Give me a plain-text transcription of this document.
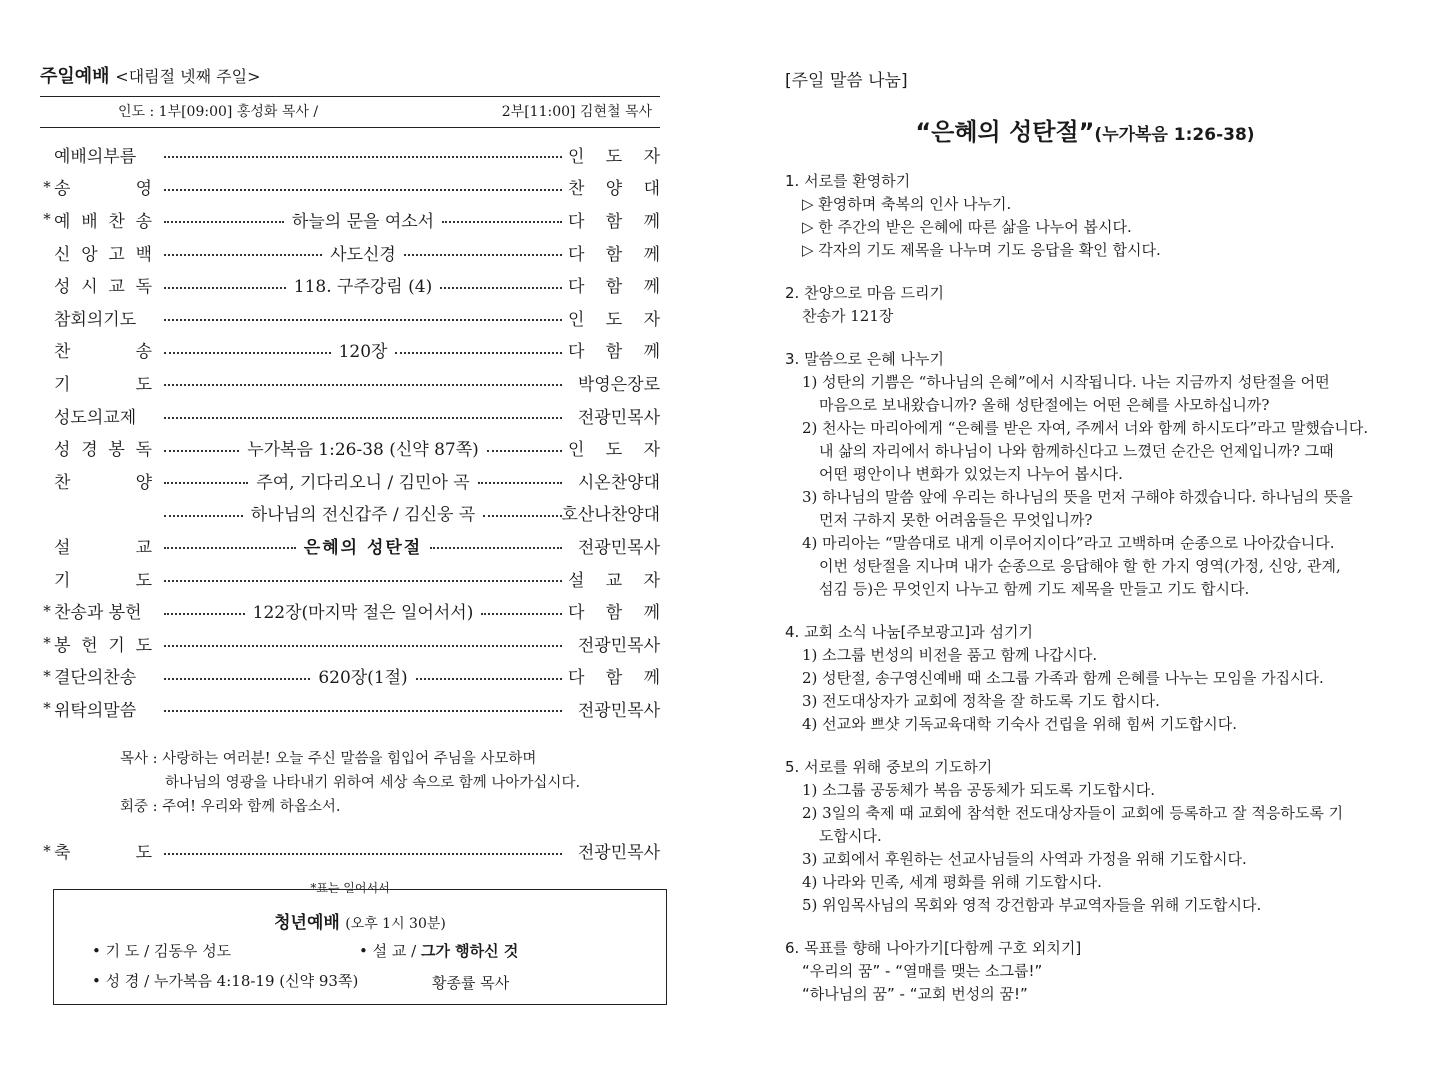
주일예배 <대림절 넷째 주일>
인도 : 1부[09:00] 홍성화 목사 /	2부[11:00] 김현철 목사
예배의부름	인 도 자
* 송	영	찬 양 대
* 예 배 찬 송	하늘의 문을 여소서	다 함 께
신 앙 고 백	사도신경	다 함 께
성 시 교 독	118. 구주강림 (4)	다 함 께
참회의기도	인 도 자
찬	송	120장	다 함 께
기	도	박영은장로
성도의교제	전광민목사
성 경 봉 독	누가복음 1:26-38 (신약 87쪽)	인 도 자
찬	양	주여, 기다리오니 / 김민아 곡	시온찬양대
하나님의 전신갑주 / 김신웅 곡	호산나찬양대
설	교	은혜의 성탄절	전광민목사
기	도	설 교 자
* 찬송과 봉헌	122장(마지막 절은 일어서서)	다 함 께
* 봉 헌 기 도	전광민목사
* 결단의찬송	620장(1절)	다 함 께
* 위탁의말씀	전광민목사
목사 : 사랑하는 여러분! 오늘 주신 말씀을 힘입어 주님을 사모하며
하나님의 영광을 나타내기 위하여 세상 속으로 함께 나아가십시다.
회중 : 주여! 우리와 함께 하옵소서.
* 축	도	전광민목사
*표는 일어서서
청년예배 (오후 1시 30분)
• 기 도 / 김동우 성도	• 설 교 / 그가 행하신 것
• 성 경 / 누가복음 4:18-19 (신약 93쪽)	황종률 목사
[주일 말씀 나눔]
“은혜의 성탄절”(누가복음 1:26-38)
1. 서로를 환영하기
▷ 환영하며 축복의 인사 나누기.
▷ 한 주간의 받은 은혜에 따른 삶을 나누어 봅시다.
▷ 각자의 기도 제목을 나누며 기도 응답을 확인 합시다.
2. 찬양으로 마음 드리기
찬송가 121장
3. 말씀으로 은혜 나누기
1) 성탄의 기쁨은 “하나님의 은혜”에서 시작됩니다. 나는 지금까지 성탄절을 어떤
마음으로 보내왔습니까? 올해 성탄절에는 어떤 은혜를 사모하십니까?
2) 천사는 마리아에게 “은혜를 받은 자여, 주께서 너와 함께 하시도다”라고 말했습니다.
내 삶의 자리에서 하나님이 나와 함께하신다고 느꼈던 순간은 언제입니까? 그때
어떤 평안이나 변화가 있었는지 나누어 봅시다.
3) 하나님의 말씀 앞에 우리는 하나님의 뜻을 먼저 구해야 하겠습니다. 하나님의 뜻을
먼저 구하지 못한 어려움들은 무엇입니까?
4) 마리아는 “말씀대로 내게 이루어지이다”라고 고백하며 순종으로 나아갔습니다.
이번 성탄절을 지나며 내가 순종으로 응답해야 할 한 가지 영역(가정, 신앙, 관계,
섬김 등)은 무엇인지 나누고 함께 기도 제목을 만들고 기도 합시다.
4. 교회 소식 나눔[주보광고]과 섬기기
1) 소그룹 번성의 비전을 품고 함께 나갑시다.
2) 성탄절, 송구영신예배 때 소그룹 가족과 함께 은혜를 나누는 모임을 가집시다.
3) 전도대상자가 교회에 정착을 잘 하도록 기도 합시다.
4) 선교와 쁘샷 기독교육대학 기숙사 건립을 위해 힘써 기도합시다.
5. 서로를 위해 중보의 기도하기
1) 소그룹 공동체가 복음 공동체가 되도록 기도합시다.
2) 3일의 축제 때 교회에 참석한 전도대상자들이 교회에 등록하고 잘 적응하도록 기
도합시다.
3) 교회에서 후원하는 선교사님들의 사역과 가정을 위해 기도합시다.
4) 나라와 민족, 세계 평화를 위해 기도합시다.
5) 위임목사님의 목회와 영적 강건함과 부교역자들을 위해 기도합시다.
6. 목표를 향해 나아가기[다함께 구호 외치기]
“우리의 꿈” - “열매를 맺는 소그룹!”
“하나님의 꿈” - “교회 번성의 꿈!”
